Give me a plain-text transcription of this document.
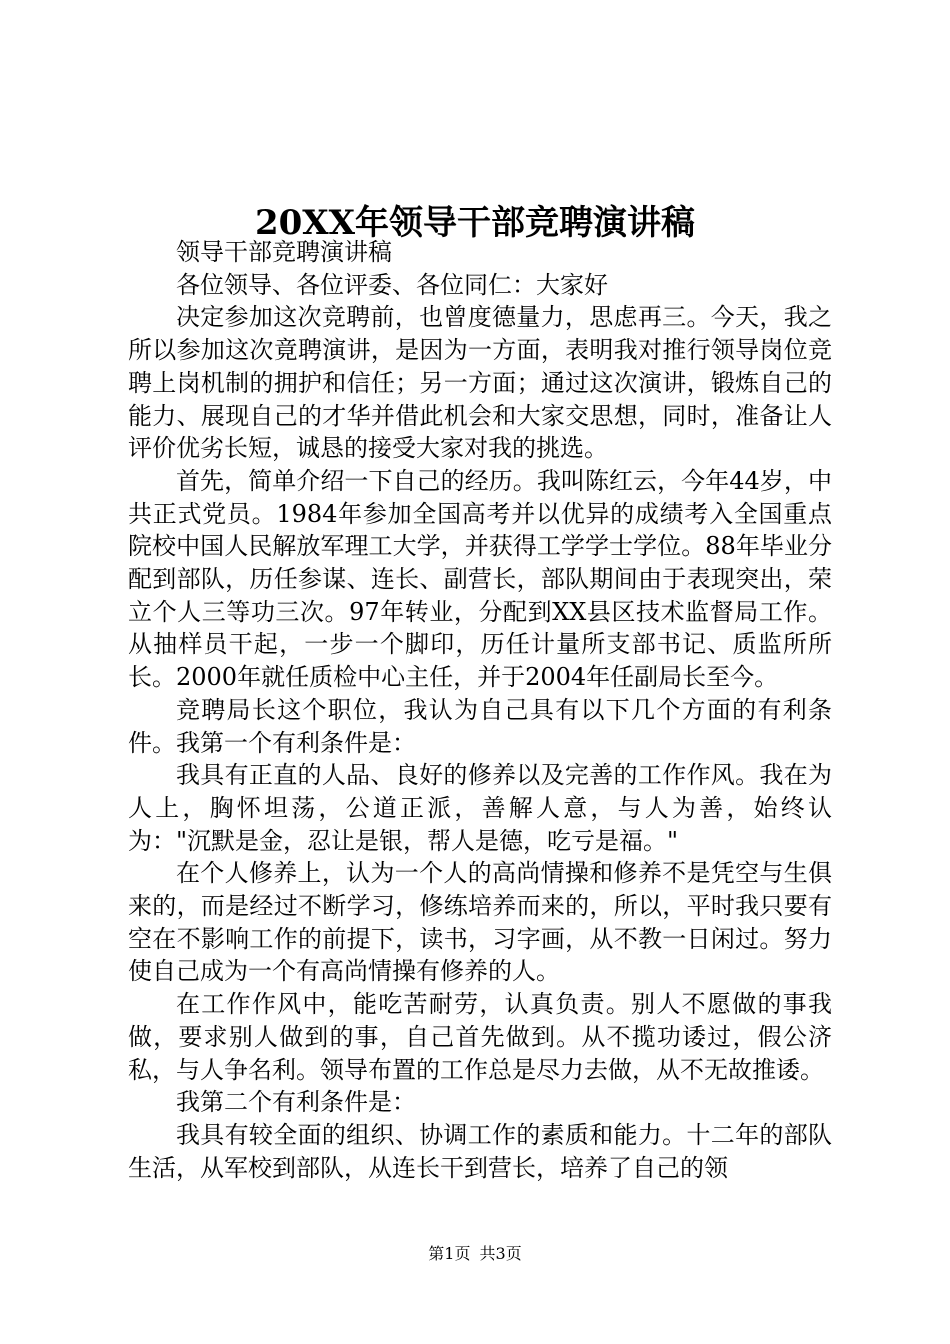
20XX年领导干部竞聘演讲稿

领导干部竞聘演讲稿

各位领导、各位评委、各位同仁：大家好

决定参加这次竞聘前，也曾度德量力，思虑再三。今天，我之所以参加这次竟聘演讲，是因为一方面，表明我对推行领导岗位竞聘上岗机制的拥护和信任；另一方面；通过这次演讲，锻炼自己的能力、展现自己的才华并借此机会和大家交思想，同时，准备让人评价优劣长短，诚恳的接受大家对我的挑选。

首先，简单介绍一下自己的经历。我叫陈红云，今年44岁，中共正式党员。1984年参加全国高考并以优异的成绩考入全国重点院校中国人民解放军理工大学，并获得工学学士学位。88年毕业分配到部队，历任参谋、连长、副营长，部队期间由于表现突出，荣立个人三等功三次。97年转业，分配到XX县区技术监督局工作。从抽样员干起，一步一个脚印，历任计量所支部书记、质监所所长。2000年就任质检中心主任，并于2004年任副局长至今。

竞聘局长这个职位，我认为自己具有以下几个方面的有利条件。我第一个有利条件是：

我具有正直的人品、良好的修养以及完善的工作作风。我在为人上，胸怀坦荡，公道正派，善解人意，与人为善，始终认为："沉默是金，忍让是银，帮人是德，吃亏是福。"

在个人修养上，认为一个人的高尚情操和修养不是凭空与生俱来的，而是经过不断学习，修练培养而来的，所以，平时我只要有空在不影响工作的前提下，读书，习字画，从不教一日闲过。努力使自己成为一个有高尚情操有修养的人。

在工作作风中，能吃苦耐劳，认真负责。别人不愿做的事我做，要求别人做到的事，自己首先做到。从不揽功诿过，假公济私，与人争名利。领导布置的工作总是尽力去做，从不无故推诿。

我第二个有利条件是：

我具有较全面的组织、协调工作的素质和能力。十二年的部队生活，从军校到部队，从连长干到营长，培养了自己的领

第1页 共3页
